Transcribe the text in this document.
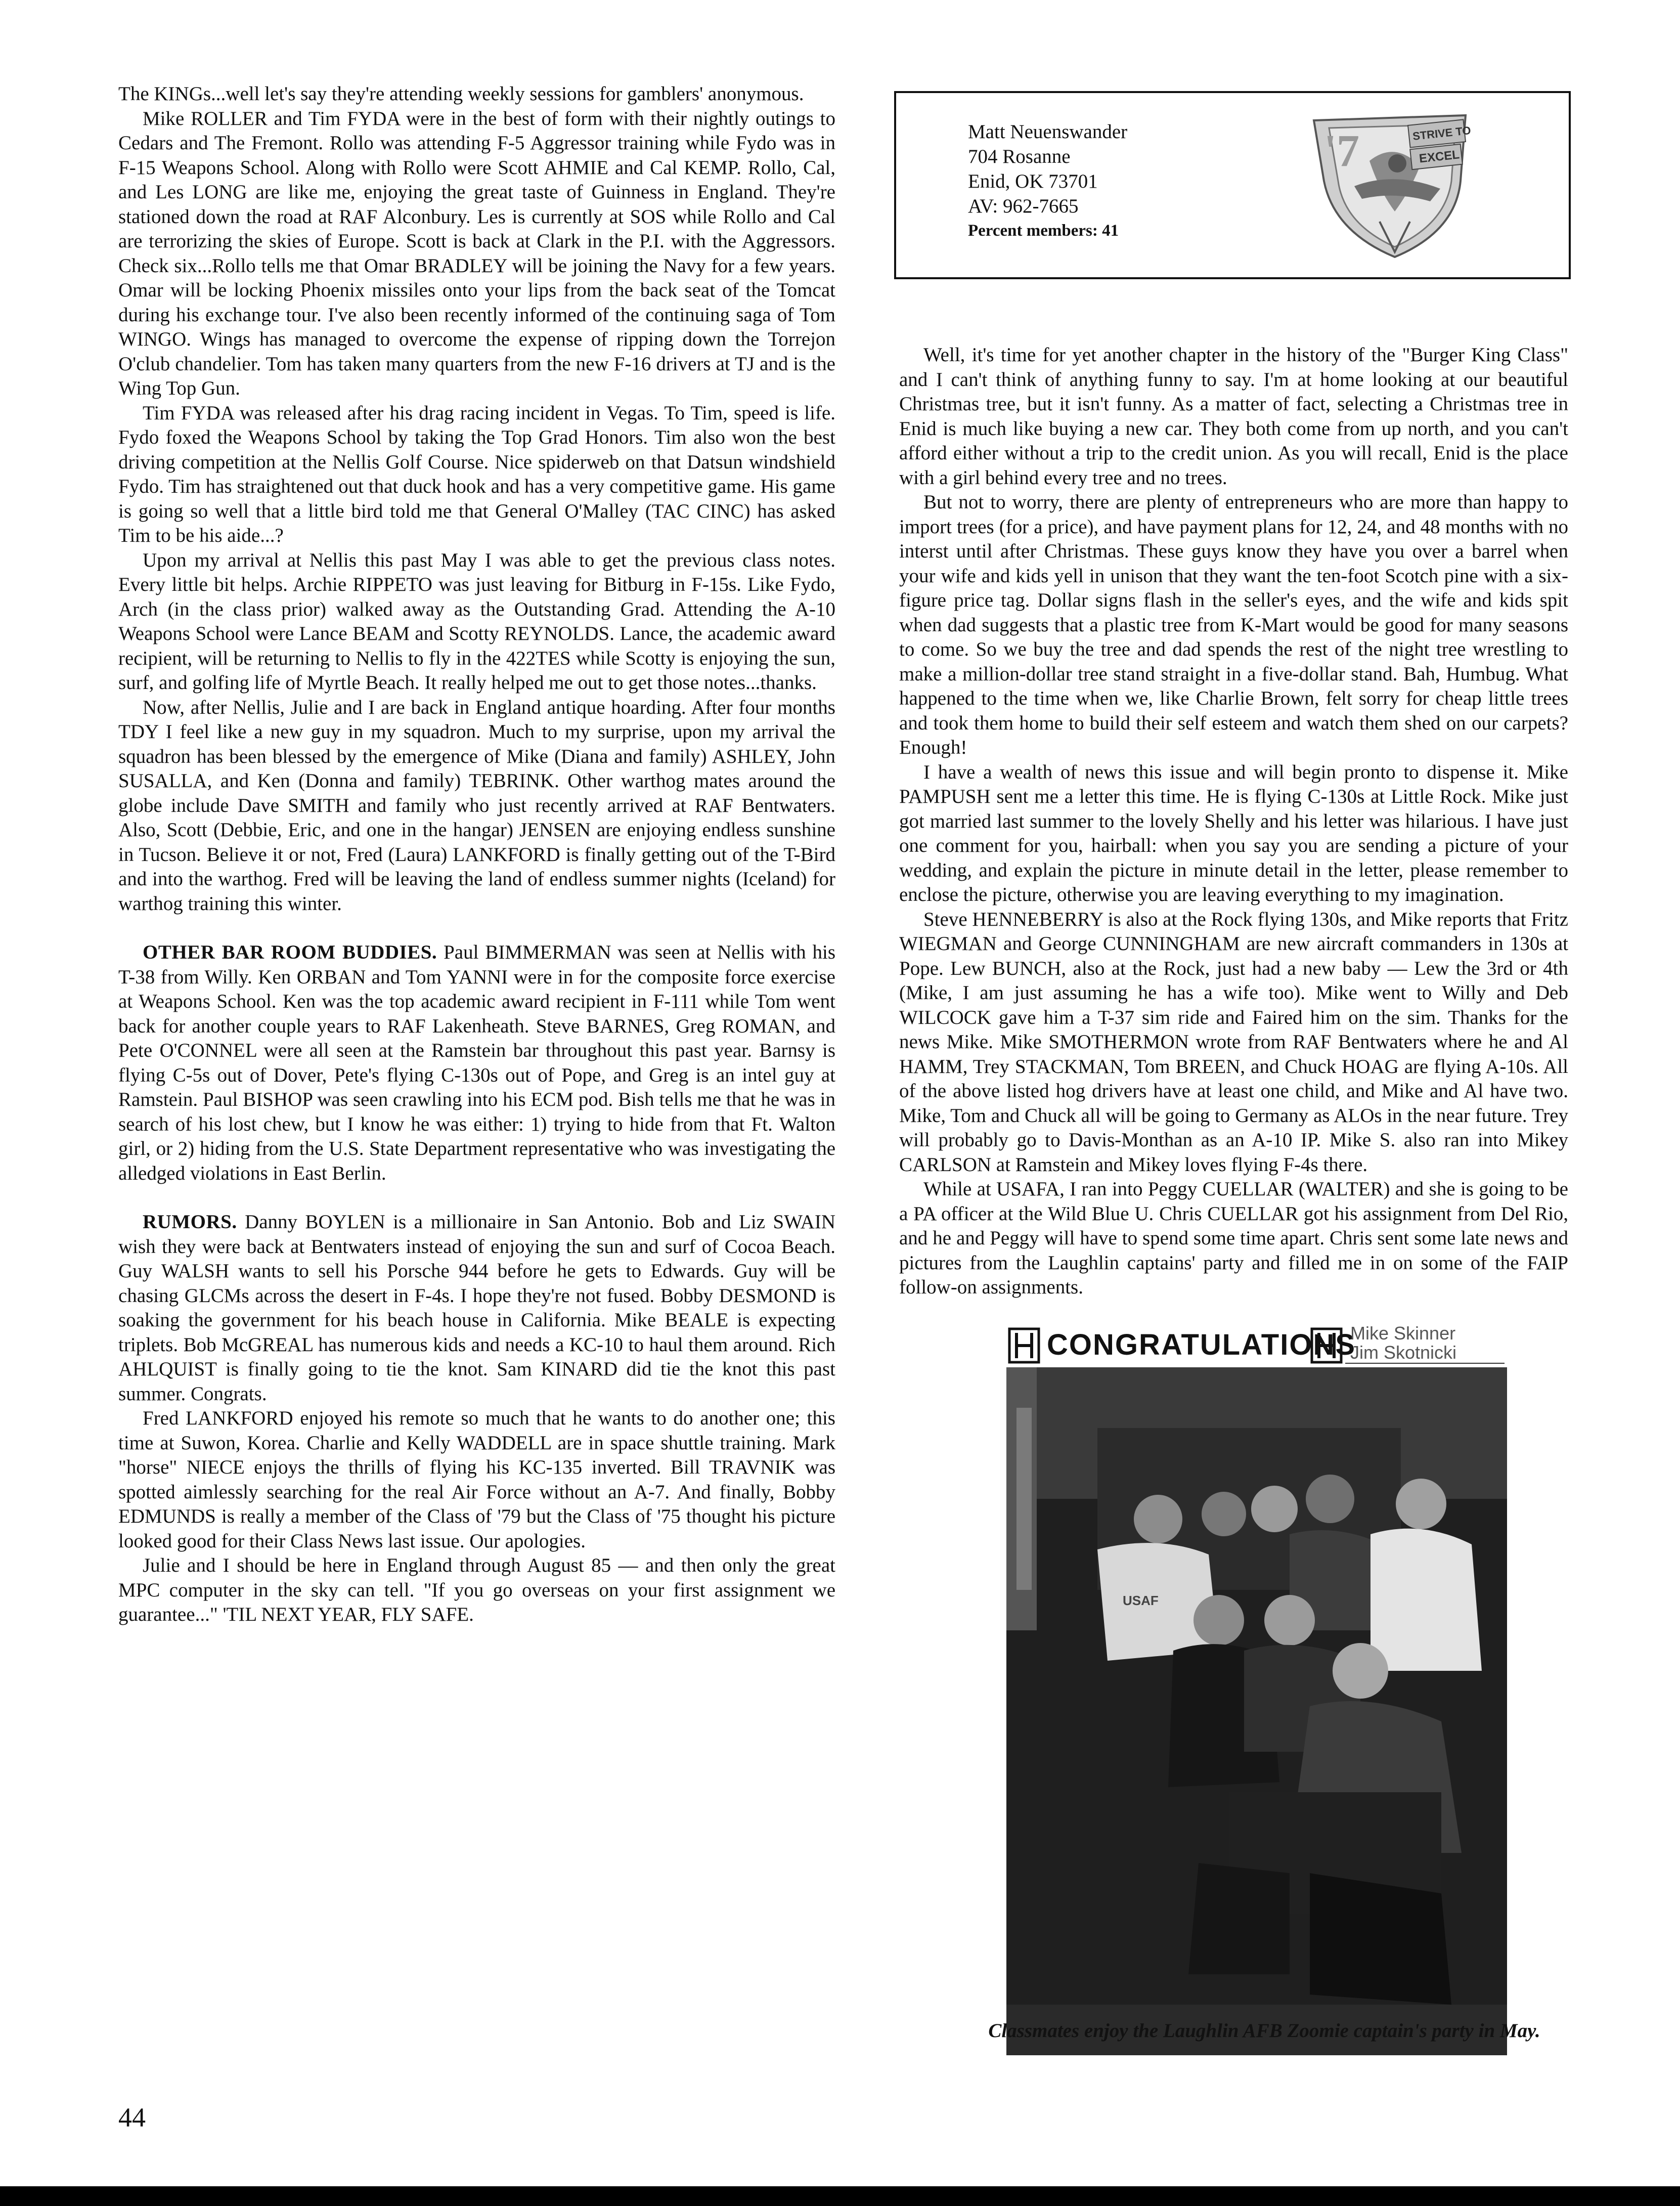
The KINGs...well let's say they're attending weekly sessions for gamblers' anonymous.

Mike ROLLER and Tim FYDA were in the best of form with their nightly outings to Cedars and The Fremont. Rollo was attending F-5 Aggressor training while Fydo was in F-15 Weapons School. Along with Rollo were Scott AHMIE and Cal KEMP. Rollo, Cal, and Les LONG are like me, enjoying the great taste of Guinness in England. They're stationed down the road at RAF Alconbury. Les is currently at SOS while Rollo and Cal are terrorizing the skies of Europe. Scott is back at Clark in the P.I. with the Aggressors. Check six...Rollo tells me that Omar BRADLEY will be joining the Navy for a few years. Omar will be locking Phoenix missiles onto your lips from the back seat of the Tomcat during his exchange tour. I've also been recently informed of the continuing saga of Tom WINGO. Wings has managed to overcome the expense of ripping down the Torrejon O'club chandelier. Tom has taken many quarters from the new F-16 drivers at TJ and is the Wing Top Gun.

Tim FYDA was released after his drag racing incident in Vegas. To Tim, speed is life. Fydo foxed the Weapons School by taking the Top Grad Honors. Tim also won the best driving competition at the Nellis Golf Course. Nice spiderweb on that Datsun windshield Fydo. Tim has straightened out that duck hook and has a very competitive game. His game is going so well that a little bird told me that General O'Malley (TAC CINC) has asked Tim to be his aide...?

Upon my arrival at Nellis this past May I was able to get the previous class notes. Every little bit helps. Archie RIPPETO was just leaving for Bitburg in F-15s. Like Fydo, Arch (in the class prior) walked away as the Outstanding Grad. Attending the A-10 Weapons School were Lance BEAM and Scotty REYNOLDS. Lance, the academic award recipient, will be returning to Nellis to fly in the 422TES while Scotty is enjoying the sun, surf, and golfing life of Myrtle Beach. It really helped me out to get those notes...thanks.

Now, after Nellis, Julie and I are back in England antique hoarding. After four months TDY I feel like a new guy in my squadron. Much to my surprise, upon my arrival the squadron has been blessed by the emergence of Mike (Diana and family) ASHLEY, John SUSALLA, and Ken (Donna and family) TEBRINK. Other warthog mates around the globe include Dave SMITH and family who just recently arrived at RAF Bentwaters. Also, Scott (Debbie, Eric, and one in the hangar) JENSEN are enjoying endless sunshine in Tucson. Believe it or not, Fred (Laura) LANKFORD is finally getting out of the T-Bird and into the warthog. Fred will be leaving the land of endless summer nights (Iceland) for warthog training this winter.

OTHER BAR ROOM BUDDIES. Paul BIMMERMAN was seen at Nellis with his T-38 from Willy. Ken ORBAN and Tom YANNI were in for the composite force exercise at Weapons School. Ken was the top academic award recipient in F-111 while Tom went back for another couple years to RAF Lakenheath. Steve BARNES, Greg ROMAN, and Pete O'CONNEL were all seen at the Ramstein bar throughout this past year. Barnsy is flying C-5s out of Dover, Pete's flying C-130s out of Pope, and Greg is an intel guy at Ramstein. Paul BISHOP was seen crawling into his ECM pod. Bish tells me that he was in search of his lost chew, but I know he was either: 1) trying to hide from that Ft. Walton girl, or 2) hiding from the U.S. State Department representative who was investigating the alledged violations in East Berlin.

RUMORS. Danny BOYLEN is a millionaire in San Antonio. Bob and Liz SWAIN wish they were back at Bentwaters instead of enjoying the sun and surf of Cocoa Beach. Guy WALSH wants to sell his Porsche 944 before he gets to Edwards. Guy will be chasing GLCMs across the desert in F-4s. I hope they're not fused. Bobby DESMOND is soaking the government for his beach house in California. Mike BEALE is expecting triplets. Bob McGREAL has numerous kids and needs a KC-10 to haul them around. Rich AHLQUIST is finally going to tie the knot. Sam KINARD did tie the knot this past summer. Congrats.

Fred LANKFORD enjoyed his remote so much that he wants to do another one; this time at Suwon, Korea. Charlie and Kelly WADDELL are in space shuttle training. Mark "horse" NIECE enjoys the thrills of flying his KC-135 inverted. Bill TRAVNIK was spotted aimlessly searching for the real Air Force without an A-7. And finally, Bobby EDMUNDS is really a member of the Class of '79 but the Class of '75 thought his picture looked good for their Class News last issue. Our apologies.

Julie and I should be here in England through August 85 — and then only the great MPC computer in the sky can tell. "If you go overseas on your first assignment we guarantee..." 'TIL NEXT YEAR, FLY SAFE.

Matt Neuenswander
704 Rosanne
Enid, OK 73701
AV: 962-7665
Percent members: 41
'7	STRIVE TO
EXCEL

Well, it's time for yet another chapter in the history of the "Burger King Class" and I can't think of anything funny to say. I'm at home looking at our beautiful Christmas tree, but it isn't funny. As a matter of fact, selecting a Christmas tree in Enid is much like buying a new car. They both come from up north, and you can't afford either without a trip to the credit union. As you will recall, Enid is the place with a girl behind every tree and no trees.

But not to worry, there are plenty of entrepreneurs who are more than happy to import trees (for a price), and have payment plans for 12, 24, and 48 months with no interst until after Christmas. These guys know they have you over a barrel when your wife and kids yell in unison that they want the ten-foot Scotch pine with a six-figure price tag. Dollar signs flash in the seller's eyes, and the wife and kids spit when dad suggests that a plastic tree from K-Mart would be good for many seasons to come. So we buy the tree and dad spends the rest of the night tree wrestling to make a million-dollar tree stand straight in a five-dollar stand. Bah, Humbug. What happened to the time when we, like Charlie Brown, felt sorry for cheap little trees and took them home to build their self esteem and watch them shed on our carpets? Enough!

I have a wealth of news this issue and will begin pronto to dispense it. Mike PAMPUSH sent me a letter this time. He is flying C-130s at Little Rock. Mike just got married last summer to the lovely Shelly and his letter was hilarious. I have just one comment for you, hairball: when you say you are sending a picture of your wedding, and explain the picture in minute detail in the letter, please remember to enclose the picture, otherwise you are leaving everything to my imagination.

Steve HENNEBERRY is also at the Rock flying 130s, and Mike reports that Fritz WIEGMAN and George CUNNINGHAM are new aircraft commanders in 130s at Pope. Lew BUNCH, also at the Rock, just had a new baby — Lew the 3rd or 4th (Mike, I am just assuming he has a wife too). Mike went to Willy and Deb WILCOCK gave him a T-37 sim ride and Faired him on the sim. Thanks for the news Mike. Mike SMOTHERMON wrote from RAF Bentwaters where he and Al HAMM, Trey STACKMAN, Tom BREEN, and Chuck HOAG are flying A-10s. All of the above listed hog drivers have at least one child, and Mike and Al have two. Mike, Tom and Chuck all will be going to Germany as ALOs in the near future. Trey will probably go to Davis-Monthan as an A-10 IP. Mike S. also ran into Mikey CARLSON at Ramstein and Mikey loves flying F-4s there.

While at USAFA, I ran into Peggy CUELLAR (WALTER) and she is going to be a PA officer at the Wild Blue U. Chris CUELLAR got his assignment from Del Rio, and he and Peggy will have to spend some time apart. Chris sent some late news and pictures from the Laughlin captains' party and filled me in on some of the FAIP follow-on assignments.

CONGRATULATIONS
Mike Skinner
Jim Skotnicki
USAF
Classmates enjoy the Laughlin AFB Zoomie captain's party in May.
44
